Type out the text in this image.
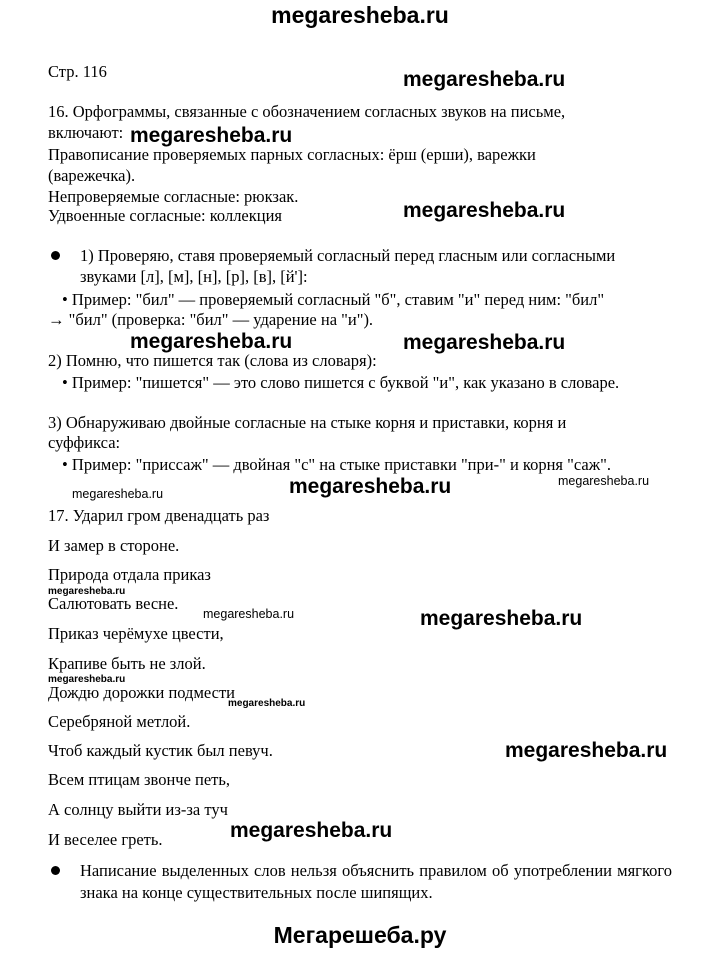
megaresheba.ru
Стр. 116
16. Орфограммы, связанные с обозначением согласных звуков на письме,
включают:
Правописание проверяемых парных согласных: ёрш (ерши), варежки
(варежечка).
Непроверяемые согласные: рюкзак.
Удвоенные согласные: коллекция
1) Проверяю, ставя проверяемый согласный перед гласным или согласными
звуками [л], [м], [н], [р], [в], [й']:
• Пример: "бил" — проверяемый согласный "б", ставим "и" перед ним: "бил"
→ "бил" (проверка: "бил" — ударение на "и").
2) Помню, что пишется так (слова из словаря):
• Пример: "пишется" — это слово пишется с буквой "и", как указано в словаре.
3) Обнаруживаю двойные согласные на стыке корня и приставки, корня и
суффикса:
• Пример: "приссаж" — двойная "с" на стыке приставки "при-" и корня "саж".
17. Ударил гром двенадцать раз
И замер в стороне.
Природа отдала приказ
Салютовать весне.
Приказ черёмухе цвести,
Крапиве быть не злой.
Дождю дорожки подмести
Серебряной метлой.
Чтоб каждый кустик был певуч.
Всем птицам звонче петь,
А солнцу выйти из-за туч
И веселее греть.
Написание выделенных слов нельзя объяснить правилом об употреблении мягкого знака на конце существительных после шипящих.
megaresheba.ru
megaresheba.ru
megaresheba.ru
megaresheba.ru	megaresheba.ru
megaresheba.ru	megaresheba.ru	megaresheba.ru
megaresheba.ru
megaresheba.ru	megaresheba.ru
megaresheba.ru
megaresheba.ru
megaresheba.ru
megaresheba.ru
Мегарешеба.ру
